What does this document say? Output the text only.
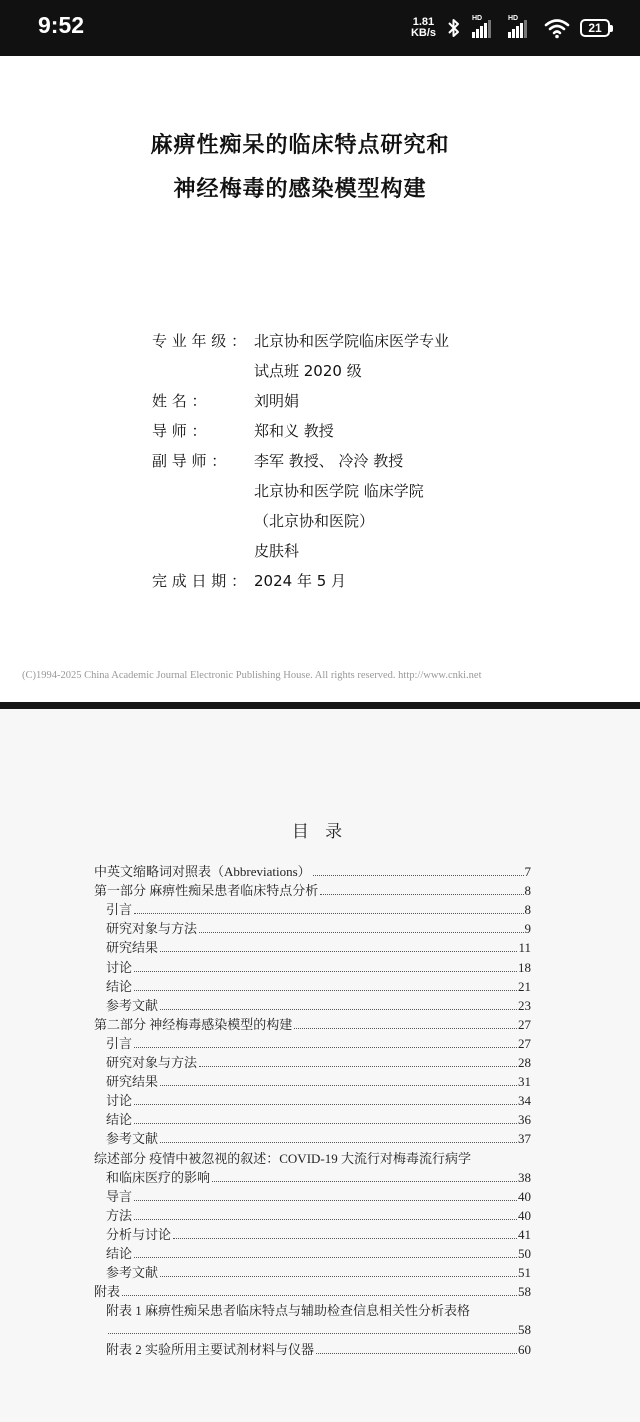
9:52	1.81
KB/s
HD	HD
21
麻痹性痴呆的临床特点研究和
神经梅毒的感染模型构建
专 业 年 级 ： 北京协和医学院临床医学专业
试点班 2020 级
姓 名 ：	刘明娟
导 师 ：	郑和义 教授
副 导 师 ：	李军 教授、 冷泠 教授
北京协和医学院 临床学院
（北京协和医院）
皮肤科
完 成 日 期 ： 2024 年 5 月
(C)1994-2025 China Academic Journal Electronic Publishing House. All rights reserved. http://www.cnki.net
目 录
中英文缩略词对照表（Abbreviations）	7
第一部分 麻痹性痴呆患者临床特点分析	8
引言	8
研究对象与方法	9
研究结果	11
讨论	18
结论	21
参考文献	23
第二部分 神经梅毒感染模型的构建	27
引言	27
研究对象与方法	28
研究结果	31
讨论	34
结论	36
参考文献	37
综述部分 疫情中被忽视的叙述：COVID-19 大流行对梅毒流行病学
和临床医疗的影响	38
导言	40
方法	40
分析与讨论	41
结论	50
参考文献	51
附表	58
附表 1 麻痹性痴呆患者临床特点与辅助检查信息相关性分析表格
58
附表 2 实验所用主要试剂材料与仪器	60
